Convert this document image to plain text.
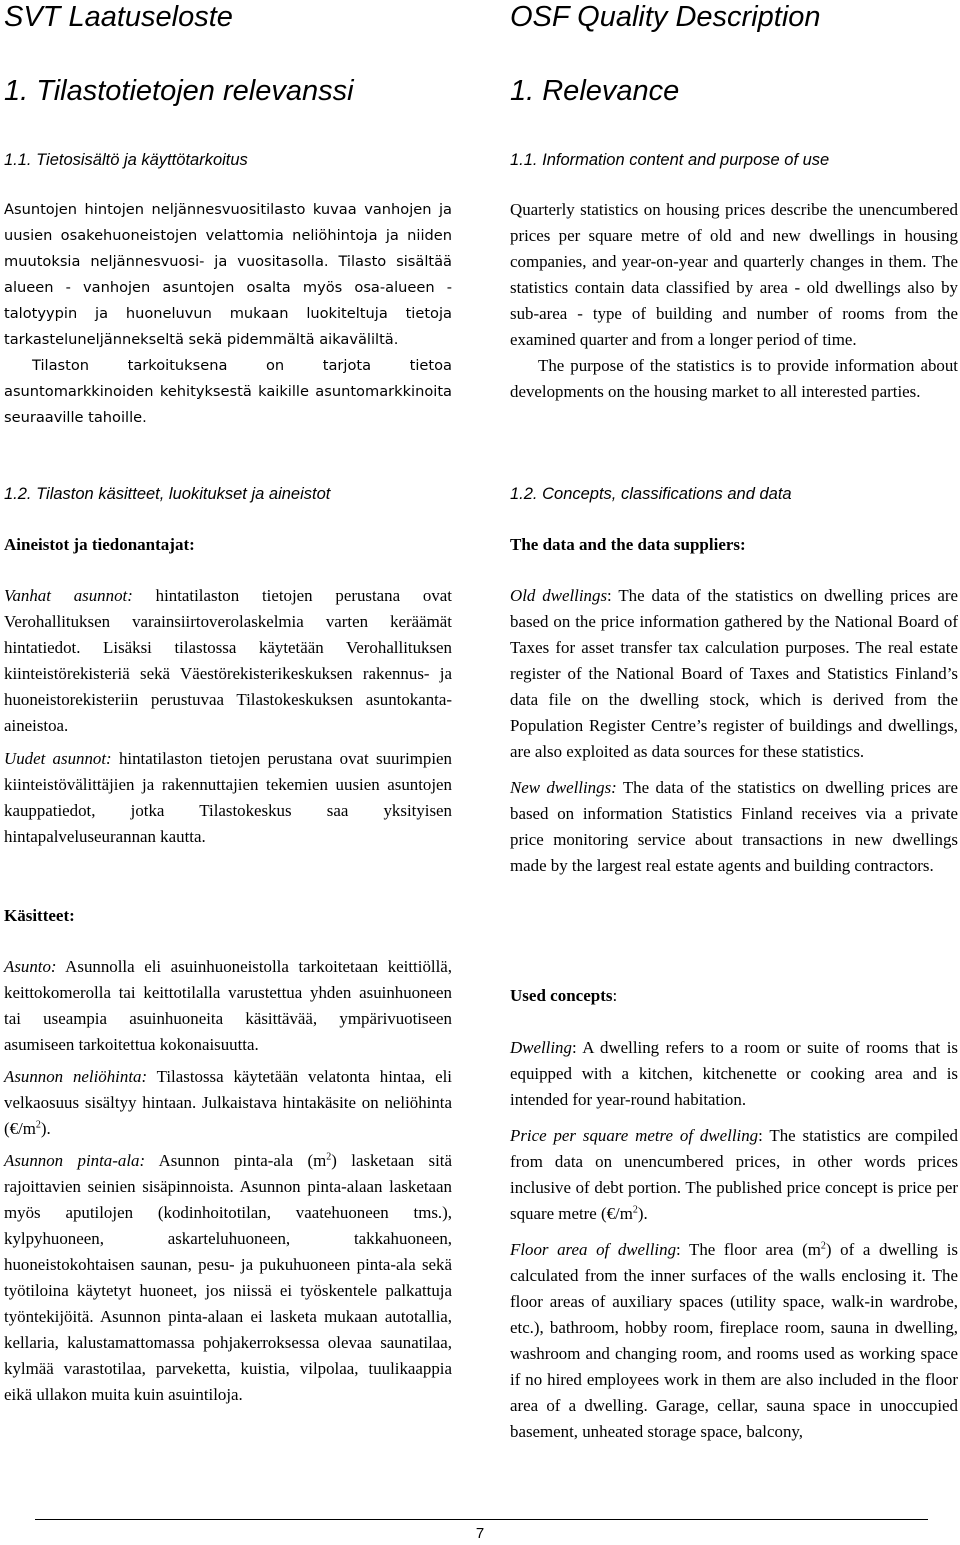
SVT Laatuseloste
1. Tilastotietojen relevanssi
1.1. Tietosisältö ja käyttötarkoitus

Asuntojen hintojen neljännesvuositilasto kuvaa vanhojen ja uusien osakehuoneistojen velattomia neliöhintoja ja niiden muutoksia neljännesvuosi- ja vuositasolla. Tilasto sisältää alueen - vanhojen asuntojen osalta myös osa-alueen - talotyypin ja huoneluvun mukaan luokiteltuja tietoja tarkasteluneljännekseltä sekä pidemmältä aikaväliltä.

Tilaston tarkoituksena on tarjota tietoa asuntomarkkinoiden kehityksestä kaikille asuntomarkkinoita seuraaville tahoille.

1.2. Tilaston käsitteet, luokitukset ja aineistot

Aineistot ja tiedonantajat:

Vanhat asunnot: hintatilaston tietojen perustana ovat Verohallituksen varainsiirtoverolaskelmia varten keräämät hintatiedot. Lisäksi tilastossa käytetään Verohallituksen kiinteistörekisteriä sekä Väestörekisterikeskuksen rakennus- ja huoneistorekisteriin perustuvaa Tilastokeskuksen asuntokanta-aineistoa.

Uudet asunnot: hintatilaston tietojen perustana ovat suurimpien kiinteistövälittäjien ja rakennuttajien tekemien uusien asuntojen kauppatiedot, jotka Tilastokeskus saa yksityisen hintapalveluseurannan kautta.

Käsitteet:

Asunto: Asunnolla eli asuinhuoneistolla tarkoitetaan keittiöllä, keittokomerolla tai keittotilalla varustettua yhden asuinhuoneen tai useampia asuinhuoneita käsittävää, ympärivuotiseen asumiseen tarkoitettua kokonaisuutta.

Asunnon neliöhinta: Tilastossa käytetään velatonta hintaa, eli velkaosuus sisältyy hintaan. Julkaistava hintakäsite on neliöhinta $(€/m^2)$.

Asunnon pinta-ala: Asunnon pinta-ala $(m^2)$ lasketaan sitä rajoittavien seinien sisäpinnoista. Asunnon pinta-alaan lasketaan myös aputilojen (kodinhoitotilan, vaatehuoneen tms.), kylpyhuoneen, askarteluhuoneen, takkahuoneen, huoneistokohtaisen saunan, pesu- ja pukuhuoneen pinta-ala sekä työtiloina käytetyt huoneet, jos niissä ei työskentele palkattuja työntekijöitä. Asunnon pinta-alaan ei lasketa mukaan autotallia, kellaria, kalustamattomassa pohjakerroksessa olevaa saunatilaa, kylmää varastotilaa, parveketta, kuistia, vilpolaa, tuulikaappia eikä ullakon muita kuin asuintiloja.

OSF Quality Description
1. Relevance
1.1. Information content and purpose of use

Quarterly statistics on housing prices describe the unencumbered prices per square metre of old and new dwellings in housing companies, and year-on-year and quarterly changes in them. The statistics contain data classified by area - old dwellings also by sub-area - type of building and number of rooms from the examined quarter and from a longer period of time.

The purpose of the statistics is to provide information about developments on the housing market to all interested parties.

1.2. Concepts, classifications and data

The data and the data suppliers:

Old dwellings: The data of the statistics on dwelling prices are based on the price information gathered by the National Board of Taxes for asset transfer tax calculation purposes. The real estate register of the National Board of Taxes and Statistics Finland’s data file on the dwelling stock, which is derived from the Population Register Centre’s register of buildings and dwellings, are also exploited as data sources for these statistics.

New dwellings: The data of the statistics on dwelling prices are based on information Statistics Finland receives via a private price monitoring service about transactions in new dwellings made by the largest real estate agents and building contractors.

Used concepts:

Dwelling: A dwelling refers to a room or suite of rooms that is equipped with a kitchen, kitchenette or cooking area and is intended for year-round habitation.

Price per square metre of dwelling: The statistics are compiled from data on unencumbered prices, in other words prices inclusive of debt portion. The published price concept is price per square metre $(€/m^2)$.

Floor area of dwelling: The floor area $(m^2)$ of a dwelling is calculated from the inner surfaces of the walls enclosing it. The floor areas of auxiliary spaces (utility space, walk-in wardrobe, etc.), bathroom, hobby room, fireplace room, sauna in dwelling, washroom and changing room, and rooms used as working space if no hired employees work in them are also included in the floor area of a dwelling. Garage, cellar, sauna space in unoccupied basement, unheated storage space, balcony,

7
